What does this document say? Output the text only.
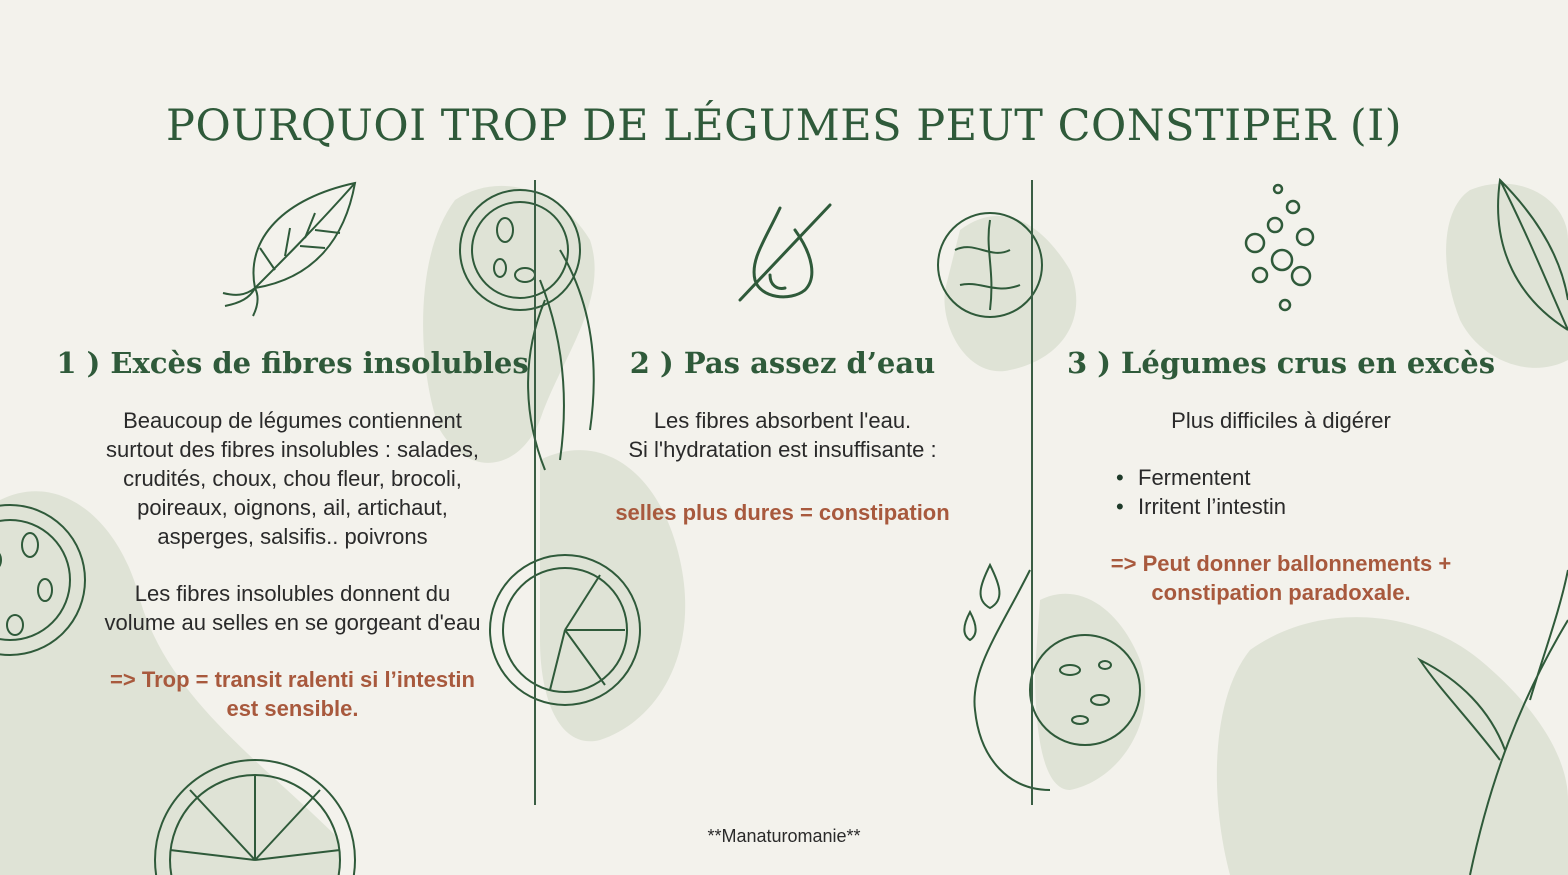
POURQUOI TROP DE LÉGUMES PEUT CONSTIPER (I)
1 ) Excès de fibres insolubles

Beaucoup de légumes contiennent

surtout des fibres insolubles : salades,

crudités, choux, chou fleur, brocoli,

poireaux, oignons, ail, artichaut,

asperges, salsifis.. poivrons

Les fibres insolubles donnent du

volume au selles en se gorgeant d'eau

=> Trop = transit ralenti si l’intestin

est sensible.

2 ) Pas assez d’eau

Les fibres absorbent l'eau.

Si l'hydratation est insuffisante :

selles plus dures = constipation

3 ) Légumes crus en excès

Plus difficiles à digérer

• Fermentent
• Irritent l’intestin

=> Peut donner ballonnements +

constipation paradoxale.

**Manaturomanie**
